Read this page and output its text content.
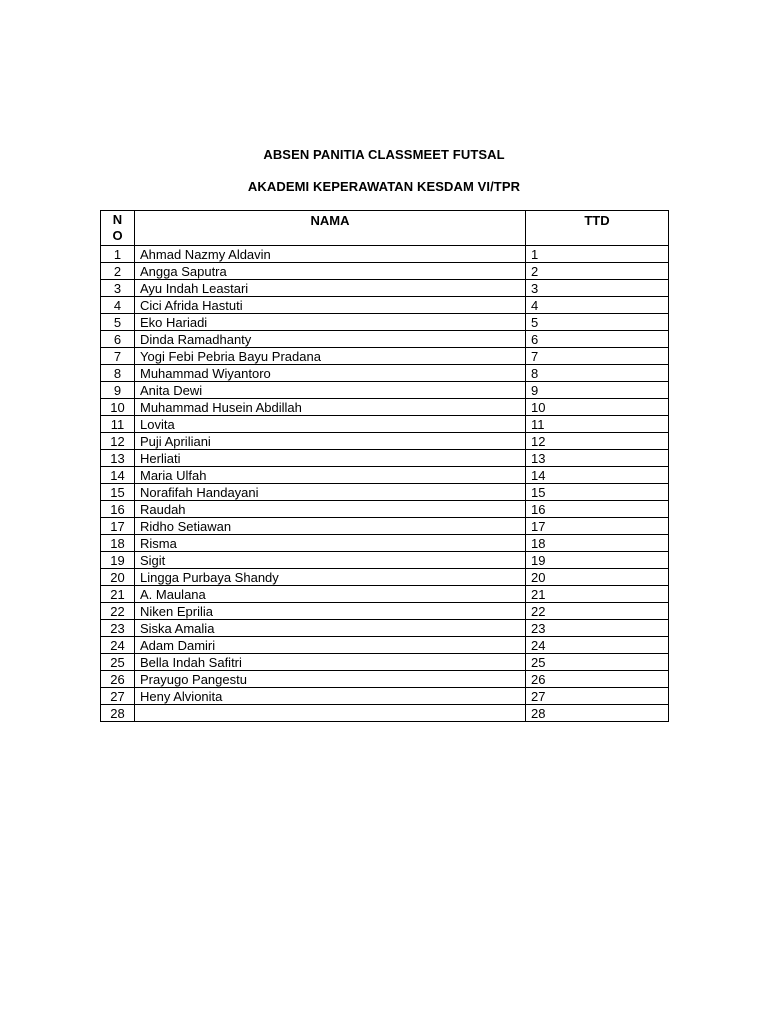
ABSEN PANITIA CLASSMEET FUTSAL
AKADEMI KEPERAWATAN KESDAM VI/TPR
NO	NAMA	TTD
1	Ahmad Nazmy Aldavin	1
2	Angga Saputra	2
3	Ayu Indah Leastari	3
4	Cici Afrida Hastuti	4
5	Eko Hariadi	5
6	Dinda Ramadhanty	6
7	Yogi Febi Pebria Bayu Pradana	7
8	Muhammad Wiyantoro	8
9	Anita Dewi	9
10	Muhammad Husein Abdillah	10
11	Lovita	11
12	Puji Apriliani	12
13	Herliati	13
14	Maria Ulfah	14
15	Norafifah Handayani	15
16	Raudah	16
17	Ridho Setiawan	17
18	Risma	18
19	Sigit	19
20	Lingga Purbaya Shandy	20
21	A. Maulana	21
22	Niken Eprilia	22
23	Siska Amalia	23
24	Adam Damiri	24
25	Bella Indah Safitri	25
26	Prayugo Pangestu	26
27	Heny Alvionita	27
28		28
